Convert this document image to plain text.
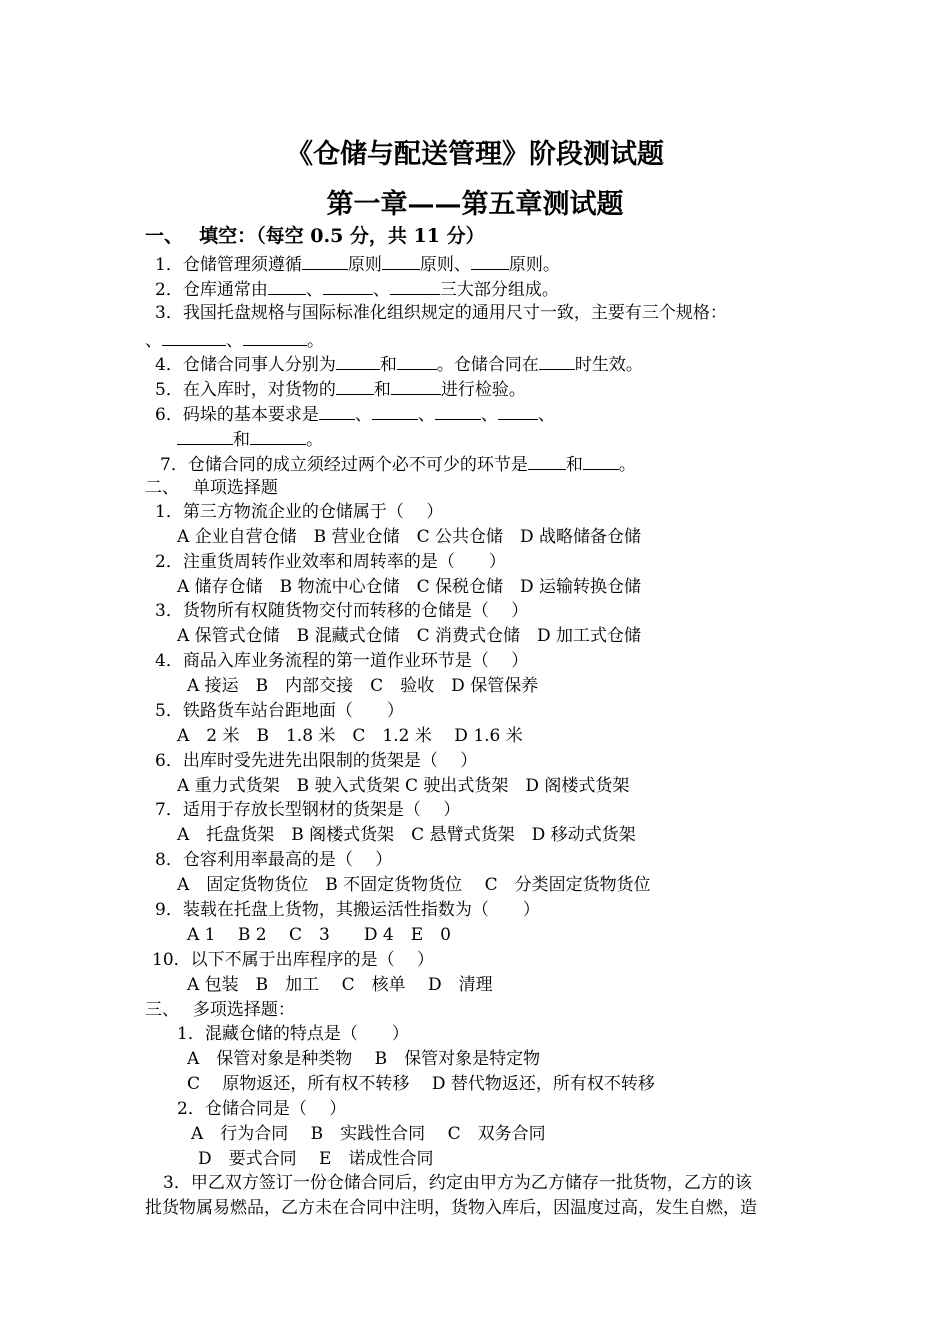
《仓储与配送管理》阶段测试题
第一章——第五章测试题
一、　 填空：（每空 0.5 分，共 11 分）
1．仓储管理须遵循	原则 原则、 原则。
2．仓库通常由 、	、	三大部分组成。
3．我国托盘规格与国际标准化组织规定的通用尺寸一致，主要有三个规格：
、	、	。
4．仓储合同事人分别为	和 。仓储合同在 时生效。
5．在入库时，对货物的 和	进行检验。
6．码垛的基本要求是 、	、	、 、
和	。
7．仓储合同的成立须经过两个必不可少的环节是 和 。
二、　 单项选择题
1．第三方物流企业的仓储属于（　 ）
A 企业自营仓储　B 营业仓储　C 公共仓储　D 战略储备仓储
2．注重货周转作业效率和周转率的是（　　）
A 储存仓储　B 物流中心仓储　C 保税仓储　D 运输转换仓储
3．货物所有权随货物交付而转移的仓储是（　 ）
A 保管式仓储　B 混藏式仓储　C 消费式仓储　D 加工式仓储
4．商品入库业务流程的第一道作业环节是（　 ）
A 接运　B　内部交接　C　验收　D 保管保养
5．铁路货车站台距地面（　　）
A　2 米　B　1.8 米　C　1.2 米　 D 1.6 米
6．出库时受先进先出限制的货架是（　 ）
A 重力式货架　B 驶入式货架 C 驶出式货架　D 阁楼式货架
7．适用于存放长型钢材的货架是（　 ）
A　托盘货架　B 阁楼式货架　C 悬臂式货架　D 移动式货架
8．仓容利用率最高的是（　 ）
A　固定货物货位　B 不固定货物货位　 C　分类固定货物货位
9．装载在托盘上货物，其搬运活性指数为（　　）
A 1　 B 2　 C　3　　D 4　E　0
10．以下不属于出库程序的是（　 ）
A 包装　B　加工　 C　核单　 D　清理
三、　 多项选择题：
1．混藏仓储的特点是（　　）
A　保管对象是种类物　 B　保管对象是特定物
C　 原物返还，所有权不转移　 D 替代物返还，所有权不转移
2．仓储合同是（　 ）
A　行为合同　 B　实践性合同　 C　双务合同
D　要式合同　 E　诺成性合同
3．甲乙双方签订一份仓储合同后，约定由甲方为乙方储存一批货物，乙方的该
批货物属易燃品，乙方未在合同中注明，货物入库后，因温度过高，发生自燃，造
